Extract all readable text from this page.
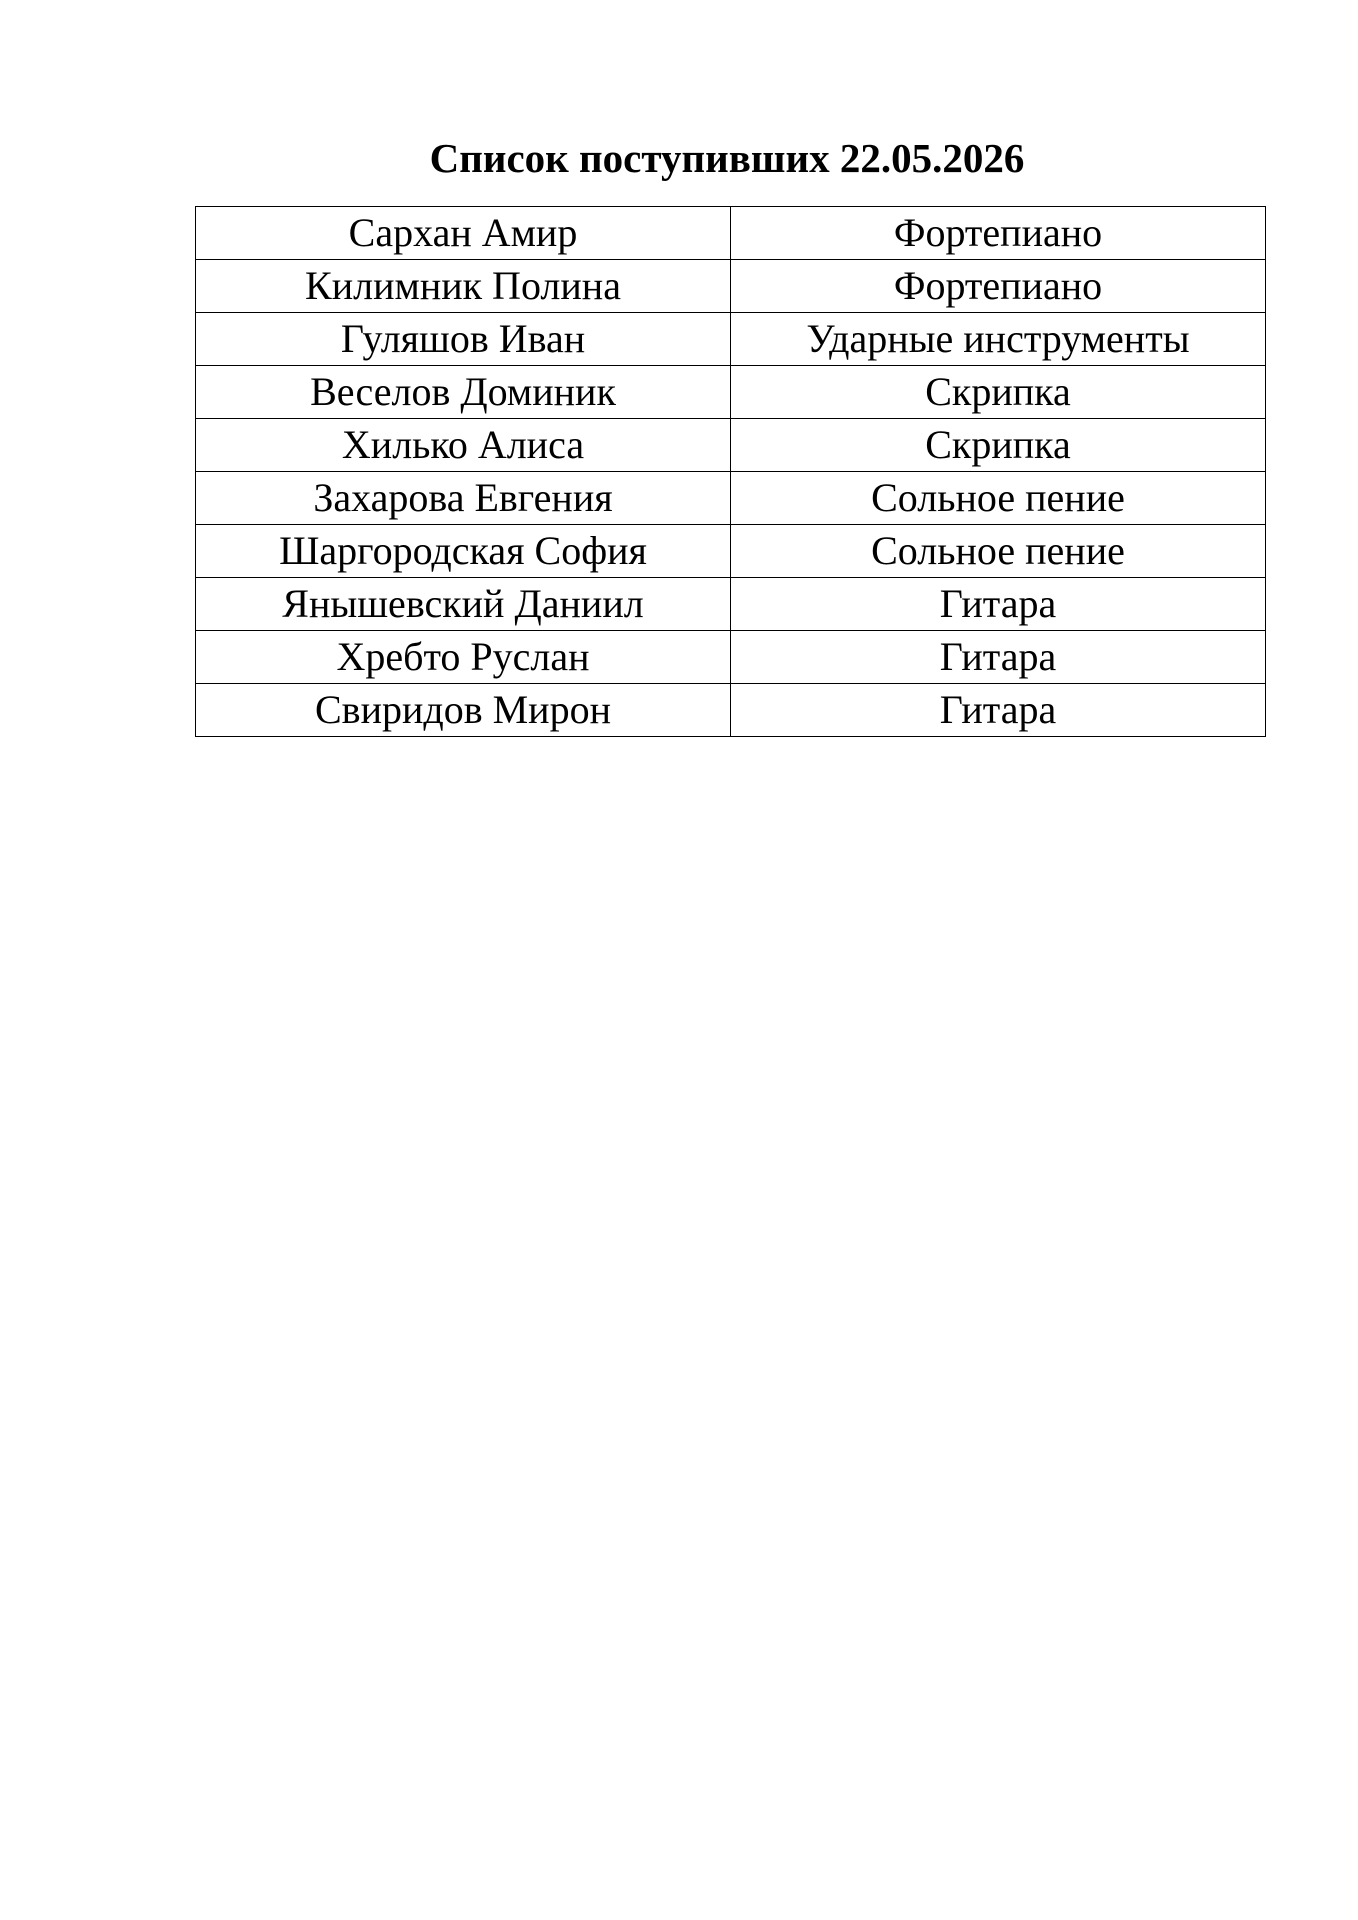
Список поступивших 22.05.2026
Сархан Амир	Фортепиано
Килимник Полина	Фортепиано
Гуляшов Иван	Ударные инструменты
Веселов Доминик	Скрипка
Хилько Алиса	Скрипка
Захарова Евгения	Сольное пение
Шаргородская София	Сольное пение
Янышевский Даниил	Гитара
Хребто Руслан	Гитара
Свиридов Мирон	Гитара
